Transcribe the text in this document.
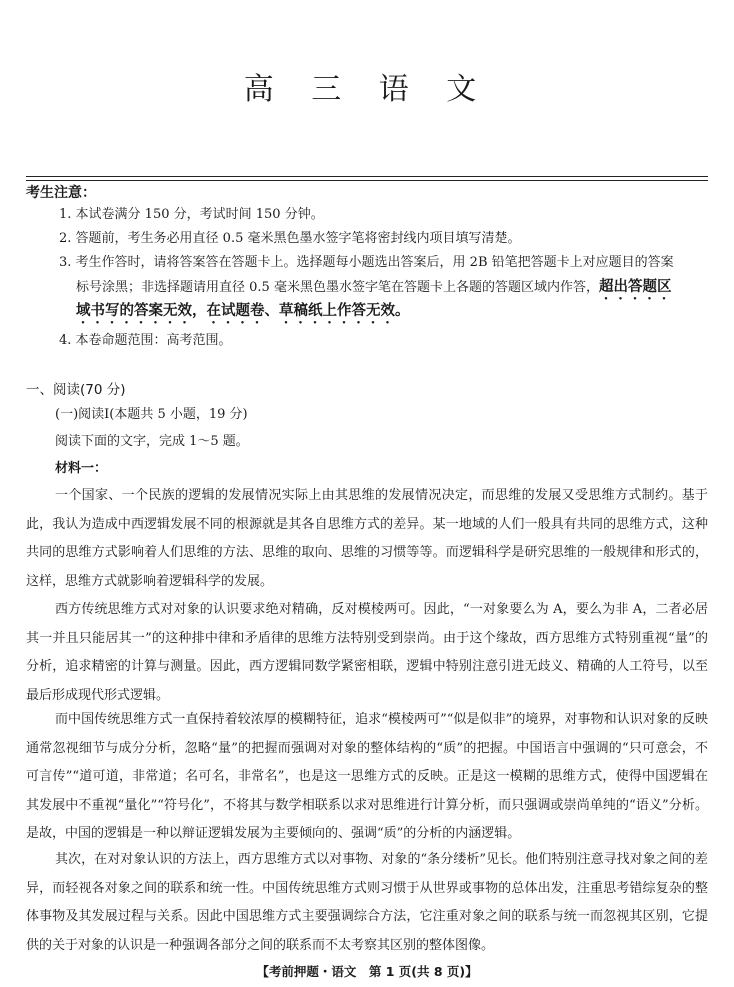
高 三 语 文
考生注意：
1. 本试卷满分 150 分，考试时间 150 分钟。
2. 答题前，考生务必用直径 0.5 毫米黑色墨水签字笔将密封线内项目填写清楚。
3. 考生作答时，请将答案答在答题卡上。选择题每小题选出答案后，用 2B 铅笔把答题卡上对应题目的答案
标号涂黑；非选择题请用直径 0.5 毫米黑色墨水签字笔在答题卡上各题的答题区域内作答，超出答题区
域书写的答案无效，在试题卷、草稿纸上作答无效。
4. 本卷命题范围：高考范围。
一、阅读(70 分)
(一)阅读Ⅰ(本题共 5 小题，19 分)
阅读下面的文字，完成 1～5 题。
材料一：
一个国家、一个民族的逻辑的发展情况实际上由其思维的发展情况决定，而思维的发展又受思维方式制约。基于此，我认为造成中西逻辑发展不同的根源就是其各自思维方式的差异。某一地域的人们一般具有共同的思维方式，这种共同的思维方式影响着人们思维的方法、思维的取向、思维的习惯等等。而逻辑科学是研究思维的一般规律和形式的，这样，思维方式就影响着逻辑科学的发展。
西方传统思维方式对对象的认识要求绝对精确，反对模棱两可。因此，“一对象要么为 A，要么为非 A，二者必居其一并且只能居其一”的这种排中律和矛盾律的思维方法特别受到崇尚。由于这个缘故，西方思维方式特别重视“量”的分析，追求精密的计算与测量。因此，西方逻辑同数学紧密相联，逻辑中特别注意引进无歧义、精确的人工符号，以至最后形成现代形式逻辑。
而中国传统思维方式一直保持着较浓厚的模糊特征，追求“模棱两可”“似是似非”的境界，对事物和认识对象的反映通常忽视细节与成分分析，忽略“量”的把握而强调对对象的整体结构的“质”的把握。中国语言中强调的“只可意会，不可言传”“道可道，非常道；名可名，非常名”，也是这一思维方式的反映。正是这一模糊的思维方式，使得中国逻辑在其发展中不重视“量化”“符号化”，不将其与数学相联系以求对思维进行计算分析，而只强调或崇尚单纯的“语义”分析。是故，中国的逻辑是一种以辩证逻辑发展为主要倾向的、强调“质”的分析的内涵逻辑。
其次，在对对象认识的方法上，西方思维方式以对事物、对象的“条分缕析”见长。他们特别注意寻找对象之间的差异，而轻视各对象之间的联系和统一性。中国传统思维方式则习惯于从世界或事物的总体出发，注重思考错综复杂的整体事物及其发展过程与关系。因此中国思维方式主要强调综合方法，它注重对象之间的联系与统一而忽视其区别，它提供的关于对象的认识是一种强调各部分之间的联系而不太考察其区别的整体图像。
【考前押题・语文　第 1 页(共 8 页)】
